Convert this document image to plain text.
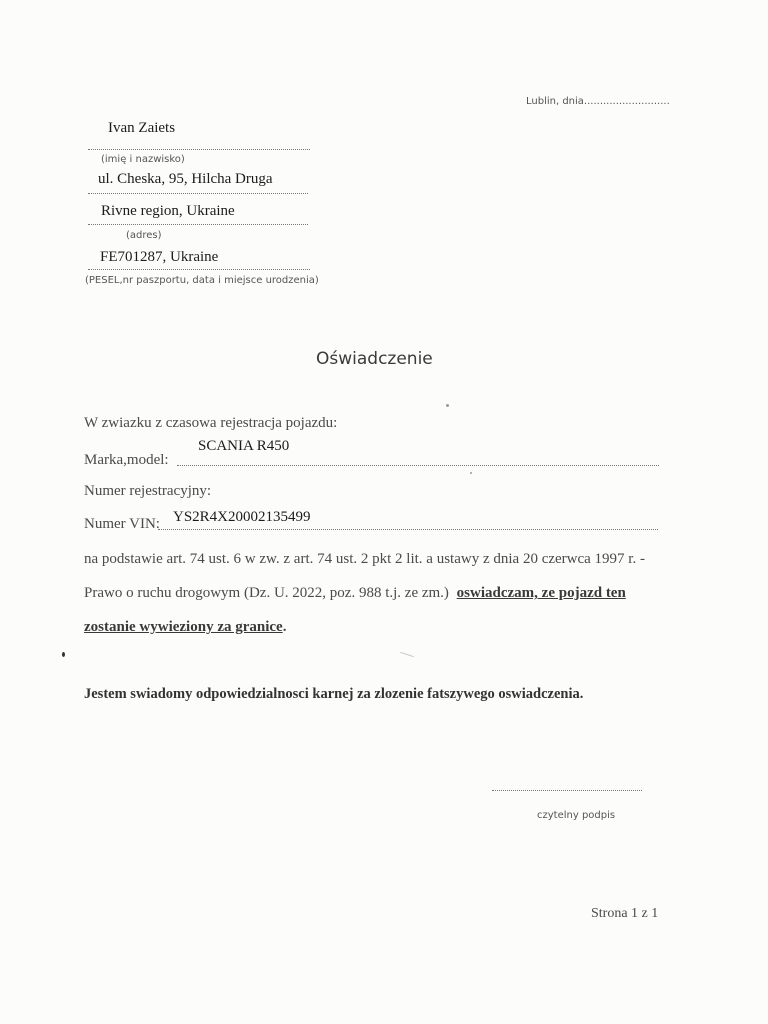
Lublin, dnia...........................
Ivan Zaiets
(imię i nazwisko)
ul. Cheska, 95, Hilcha Druga
Rivne region, Ukraine
(adres)
FE701287, Ukraine
(PESEL,nr paszportu, data i miejsce urodzenia)
Oświadczenie
W zwiazku z czasowa rejestracja pojazdu:
SCANIA R450
Marka,model:
Numer rejestracyjny:
YS2R4X20002135499
Numer VIN:
na podstawie art. 74 ust. 6 w zw. z art. 74 ust. 2 pkt 2 lit. a ustawy z dnia 20 czerwca 1997 r. -
Prawo o ruchu drogowym (Dz. U. 2022, poz. 988 t.j. ze zm.) oswiadczam, ze pojazd ten
zostanie wywieziony za granice.
Jestem swiadomy odpowiedzialnosci karnej za zlozenie fatszywego oswiadczenia.
czytelny podpis
Strona 1 z 1
